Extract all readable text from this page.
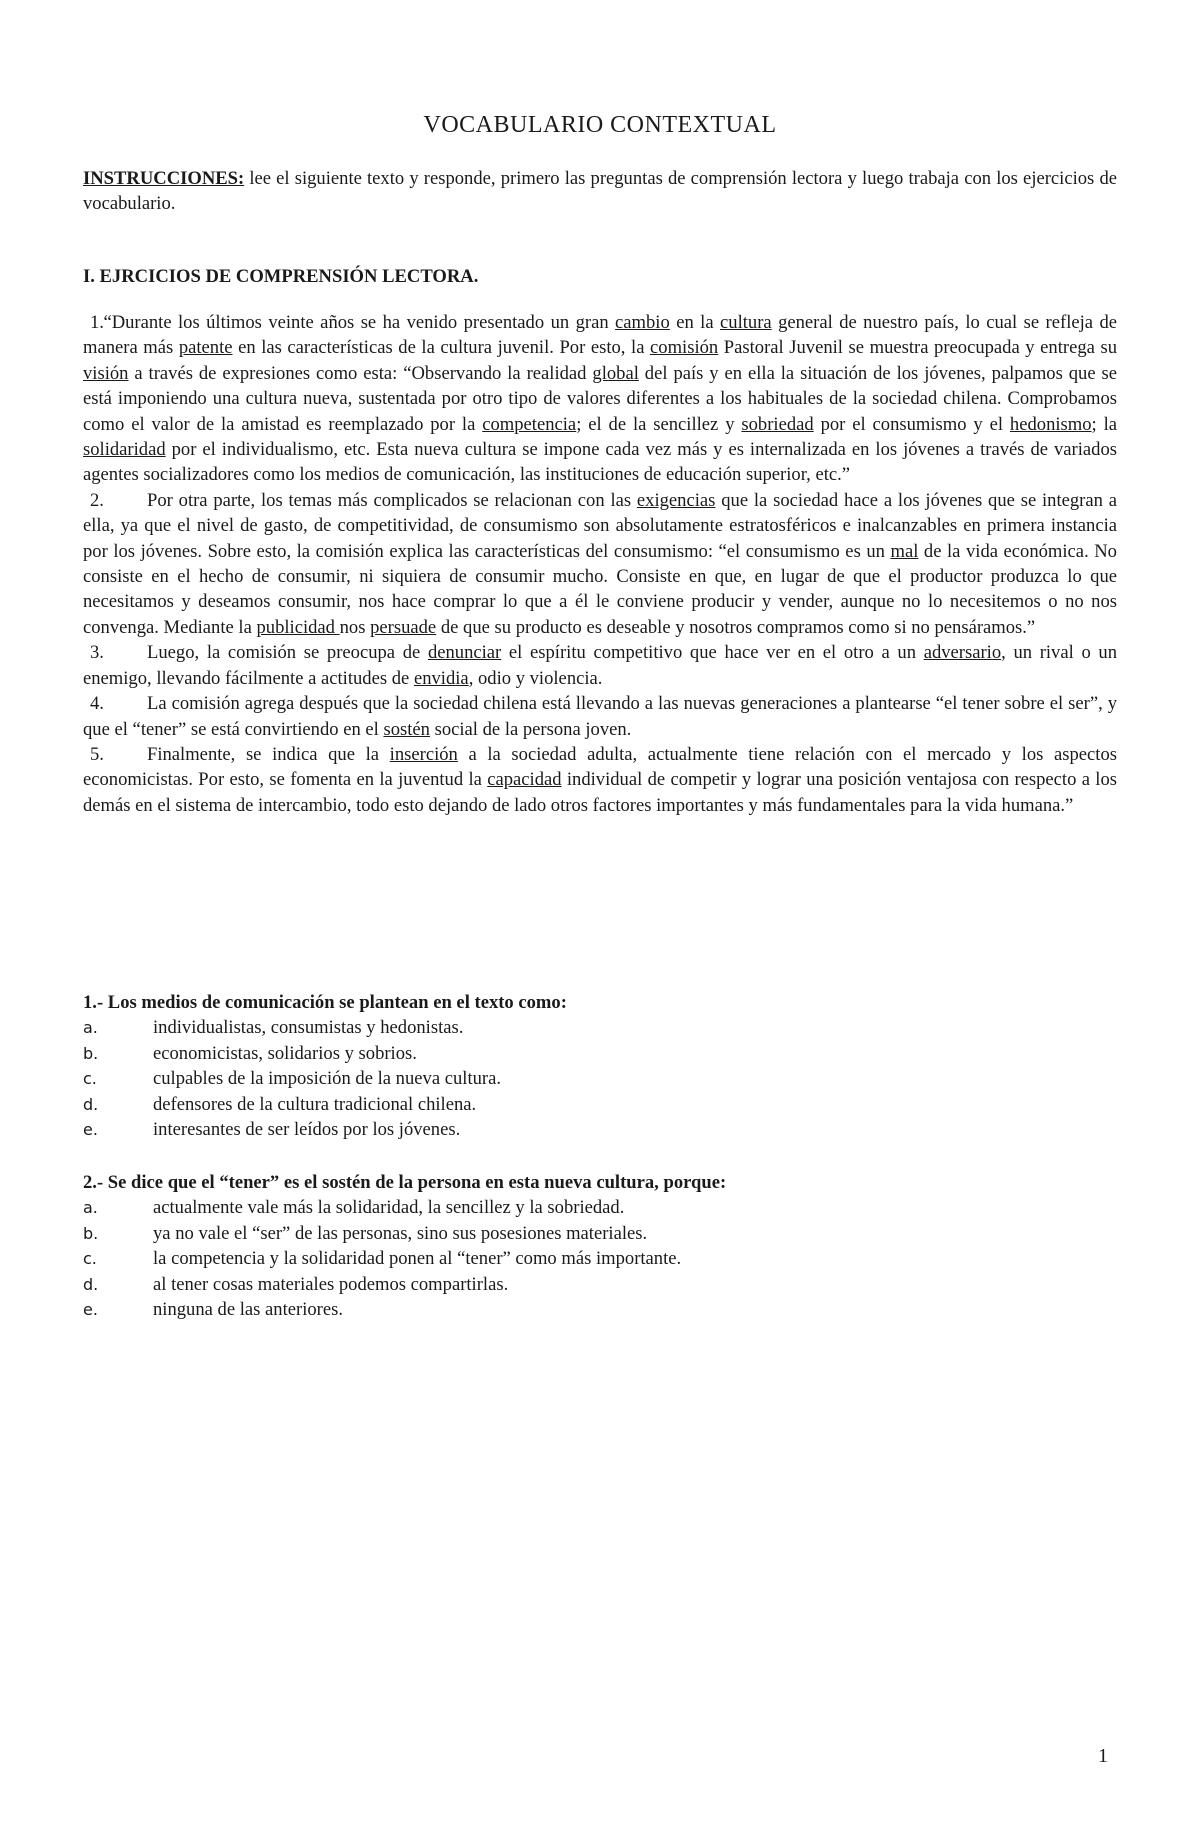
VOCABULARIO CONTEXTUAL

INSTRUCCIONES: lee el siguiente texto y responde, primero las preguntas de comprensión lectora y luego trabaja con los ejercicios de vocabulario.

I. EJRCICIOS DE COMPRENSIÓN LECTORA.

1. “Durante los últimos veinte años se ha venido presentado un gran cambio en la cultura general de nuestro país, lo cual se refleja de manera más patente en las características de la cultura juvenil. Por esto, la comisión Pastoral Juvenil se muestra preocupada y entrega su visión a través de expresiones como esta: “Observando la realidad global del país y en ella la situación de los jóvenes, palpamos que se está imponiendo una cultura nueva, sustentada por otro tipo de valores diferentes a los habituales de la sociedad chilena. Comprobamos como el valor de la amistad es reemplazado por la competencia; el de la sencillez y sobriedad por el consumismo y el hedonismo; la solidaridad por el individualismo, etc. Esta nueva cultura se impone cada vez más y es internalizada en los jóvenes a través de variados agentes socializadores como los medios de comunicación, las instituciones de educación superior, etc.”

2. Por otra parte, los temas más complicados se relacionan con las exigencias que la sociedad hace a los jóvenes que se integran a ella, ya que el nivel de gasto, de competitividad, de consumismo son absolutamente estratosféricos e inalcanzables en primera instancia por los jóvenes. Sobre esto, la comisión explica las características del consumismo: “el consumismo es un mal de la vida económica. No consiste en el hecho de consumir, ni siquiera de consumir mucho. Consiste en que, en lugar de que el productor produzca lo que necesitamos y deseamos consumir, nos hace comprar lo que a él le conviene producir y vender, aunque no lo necesitemos o no nos convenga. Mediante la publicidad nos persuade de que su producto es deseable y nosotros compramos como si no pensáramos.”

3. Luego, la comisión se preocupa de denunciar el espíritu competitivo que hace ver en el otro a un adversario, un rival o un enemigo, llevando fácilmente a actitudes de envidia, odio y violencia.

4. La comisión agrega después que la sociedad chilena está llevando a las nuevas generaciones a plantearse “el tener sobre el ser”, y que el “tener” se está convirtiendo en el sostén social de la persona joven.

5. Finalmente, se indica que la inserción a la sociedad adulta, actualmente tiene relación con el mercado y los aspectos economicistas. Por esto, se fomenta en la juventud la capacidad individual de competir y lograr una posición ventajosa con respecto a los demás en el sistema de intercambio, todo esto dejando de lado otros factores importantes y más fundamentales para la vida humana.”

1.- Los medios de comunicación se plantean en el texto como:
a.	individualistas, consumistas y hedonistas.
b.	economicistas, solidarios y sobrios.
c.	culpables de la imposición de la nueva cultura.
d.	defensores de la cultura tradicional chilena.
e.	interesantes de ser leídos por los jóvenes.
2.- Se dice que el “tener” es el sostén de la persona en esta nueva cultura, porque:
a.	actualmente vale más la solidaridad, la sencillez y la sobriedad.
b.	ya no vale el “ser” de las personas, sino sus posesiones materiales.
c.	la competencia y la solidaridad ponen al “tener” como más importante.
d.	al tener cosas materiales podemos compartirlas.
e.	ninguna de las anteriores.
1
